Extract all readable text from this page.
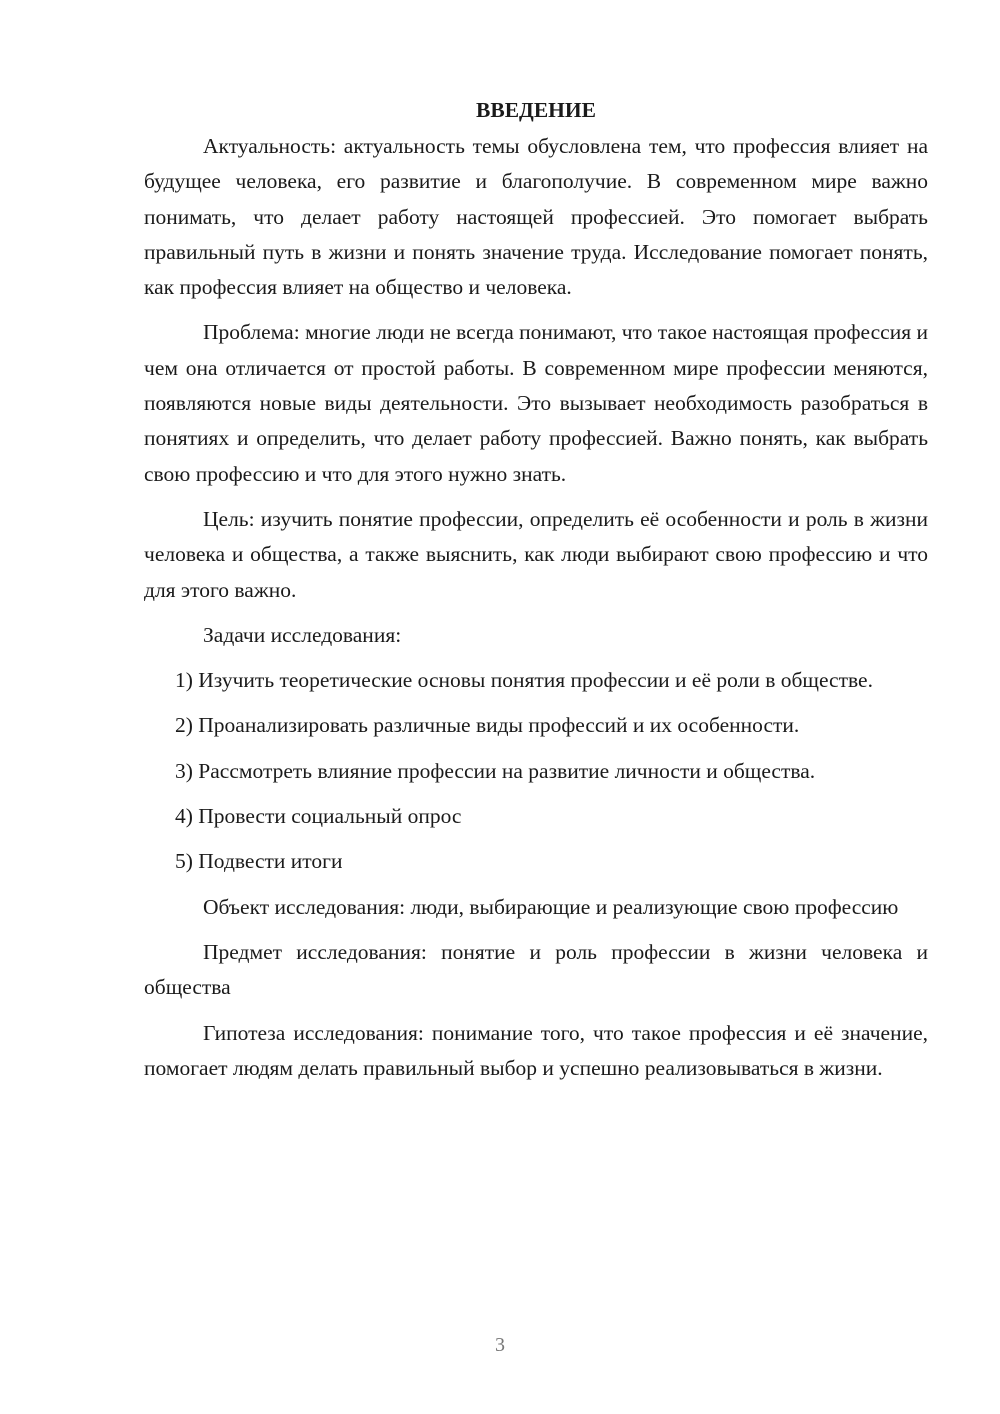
ВВЕДЕНИЕ

Актуальность: актуальность темы обусловлена тем, что профессия влияет на будущее человека, его развитие и благополучие. В современном мире важно понимать, что делает работу настоящей профессией. Это помогает выбрать правильный путь в жизни и понять значение труда. Исследование помогает понять, как профессия влияет на общество и человека.

Проблема: многие люди не всегда понимают, что такое настоящая профессия и чем она отличается от простой работы. В современном мире профессии меняются, появляются новые виды деятельности. Это вызывает необходимость разобраться в понятиях и определить, что делает работу профессией. Важно понять, как выбрать свою профессию и что для этого нужно знать.

Цель: изучить понятие профессии, определить её особенности и роль в жизни человека и общества, а также выяснить, как люди выбирают свою профессию и что для этого важно.

Задачи исследования:

1) Изучить теоретические основы понятия профессии и её роли в обществе.

2) Проанализировать различные виды профессий и их особенности.

3) Рассмотреть влияние профессии на развитие личности и общества.

4) Провести социальный опрос

5) Подвести итоги

Объект исследования: люди, выбирающие и реализующие свою профессию

Предмет исследования: понятие и роль профессии в жизни человека и общества

Гипотеза исследования: понимание того, что такое профессия и её значение, помогает людям делать правильный выбор и успешно реализовываться в жизни.

3
